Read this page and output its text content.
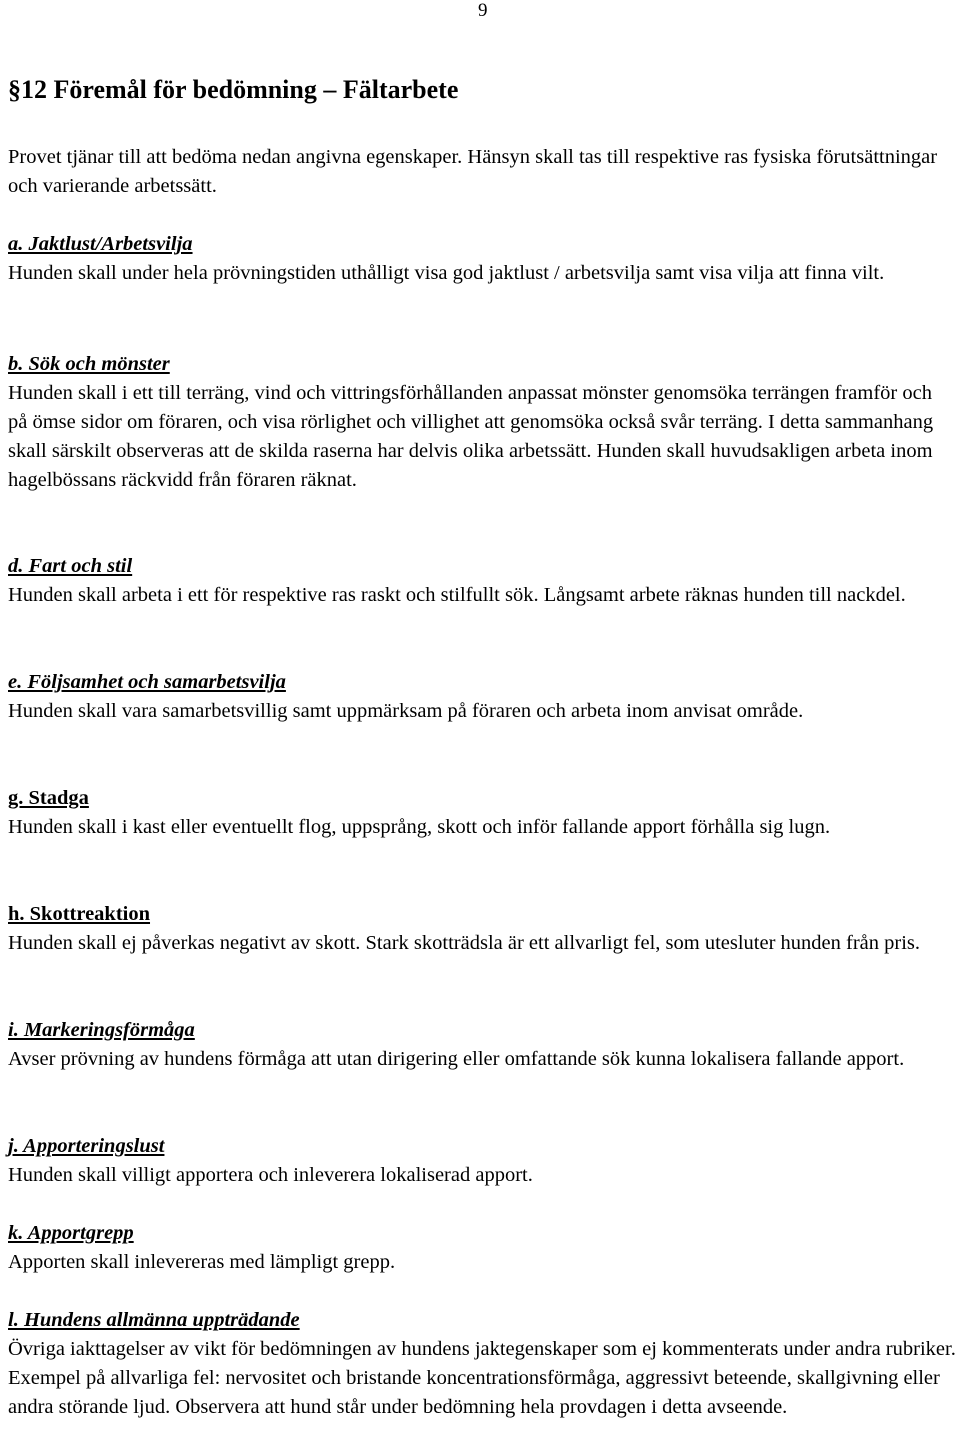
9
§12 Föremål för bedömning – Fältarbete

Provet tjänar till att bedöma nedan angivna egenskaper. Hänsyn skall tas till respektive ras fysiska förutsättningar och varierande arbetssätt.

a. Jaktlust/Arbetsvilja

Hunden skall under hela prövningstiden uthålligt visa god jaktlust / arbetsvilja samt visa vilja att finna vilt.

b. Sök och mönster

Hunden skall i ett till terräng, vind och vittringsförhållanden anpassat mönster genomsöka terrängen framför och på ömse sidor om föraren, och visa rörlighet och villighet att genomsöka också svår terräng. I detta sammanhang skall särskilt observeras att de skilda raserna har delvis olika arbetssätt. Hunden skall huvudsakligen arbeta inom hagelbössans räckvidd från föraren räknat.

d. Fart och stil

Hunden skall arbeta i ett för respektive ras raskt och stilfullt sök. Långsamt arbete räknas hunden till nackdel.

e. Följsamhet och samarbetsvilja

Hunden skall vara samarbetsvillig samt uppmärksam på föraren och arbeta inom anvisat område.

g. Stadga

Hunden skall i kast eller eventuellt flog, uppsprång, skott och inför fallande apport förhålla sig lugn.

h. Skottreaktion

Hunden skall ej påverkas negativt av skott. Stark skotträdsla är ett allvarligt fel, som utesluter hunden från pris.

i. Markeringsförmåga

Avser prövning av hundens förmåga att utan dirigering eller omfattande sök kunna lokalisera fallande apport.

j. Apporteringslust

Hunden skall villigt apportera och inleverera lokaliserad apport.

k. Apportgrepp

Apporten skall inlevereras med lämpligt grepp.

l. Hundens allmänna uppträdande

Övriga iakttagelser av vikt för bedömningen av hundens jaktegenskaper som ej kommenterats under andra rubriker. Exempel på allvarliga fel: nervositet och bristande koncentrationsförmåga, aggressivt beteende, skallgivning eller andra störande ljud. Observera att hund står under bedömning hela provdagen i detta avseende.
